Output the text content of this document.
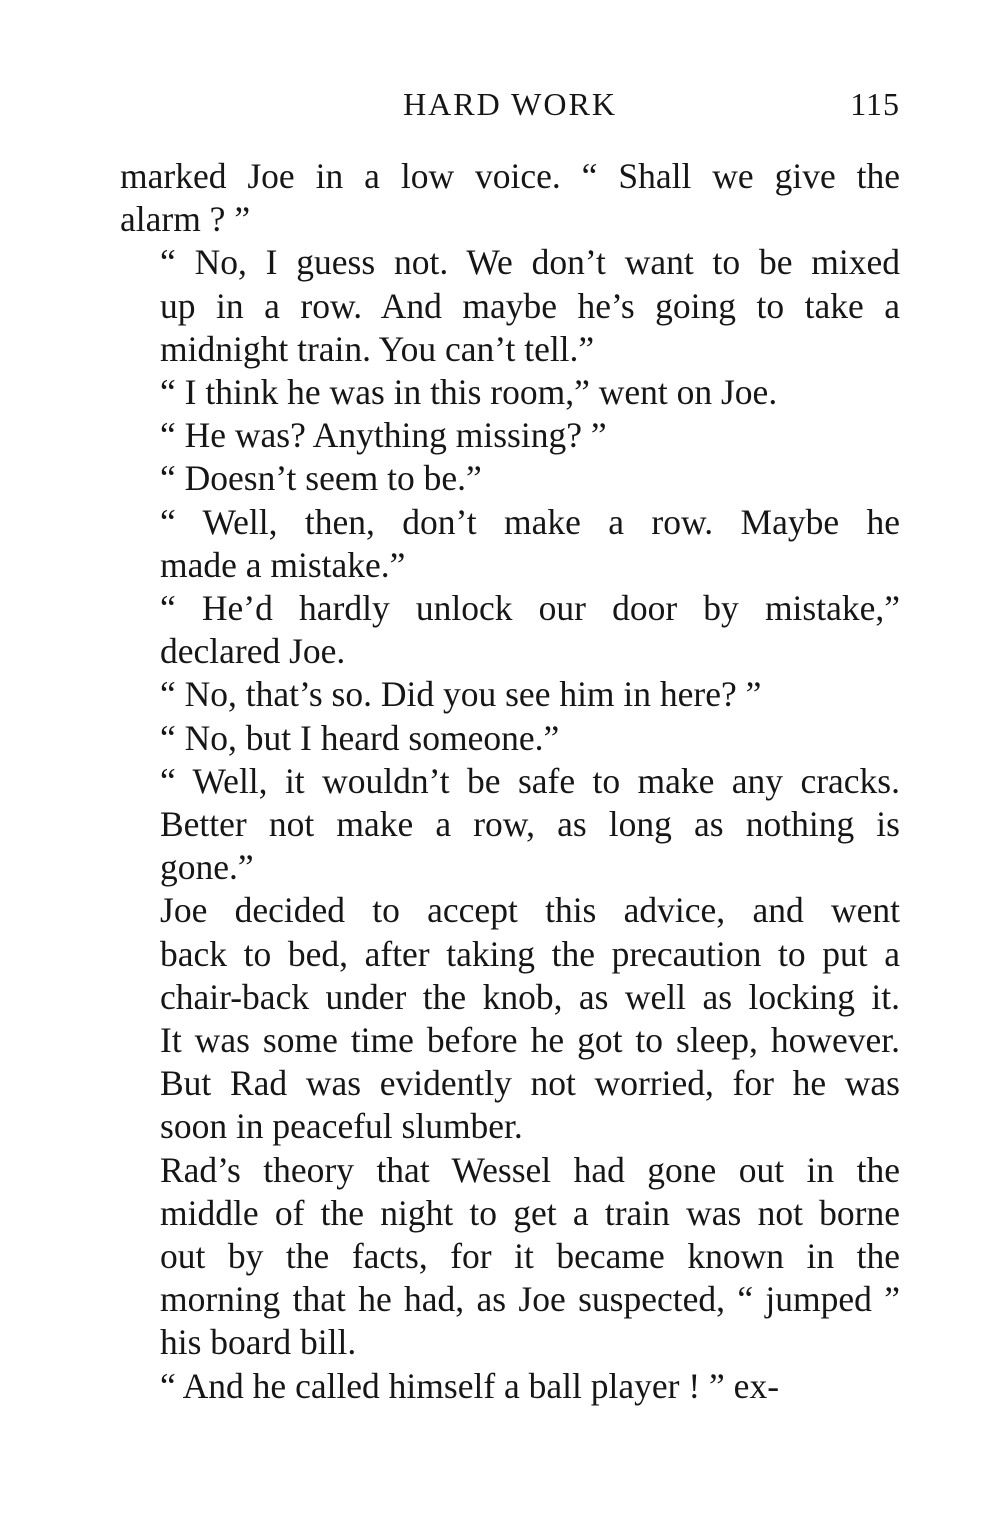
HARD WORK	115

marked Joe in a low voice. “ Shall we give the
alarm ? ”

“ No, I guess not. We don’t want to be mixed
up in a row. And maybe he’s going to take a
midnight train. You can’t tell.”

“ I think he was in this room,” went on Joe.

“ He was? Anything missing? ”

“ Doesn’t seem to be.”

“ Well, then, don’t make a row. Maybe he
made a mistake.”

“ He’d hardly unlock our door by mistake,”
declared Joe.

“ No, that’s so. Did you see him in here? ”

“ No, but I heard someone.”

“ Well, it wouldn’t be safe to make any cracks.
Better not make a row, as long as nothing is
gone.”

Joe decided to accept this advice, and went
back to bed, after taking the precaution to put a
chair-back under the knob, as well as locking it.
It was some time before he got to sleep, however.
But Rad was evidently not worried, for he was
soon in peaceful slumber.

Rad’s theory that Wessel had gone out in the
middle of the night to get a train was not borne
out by the facts, for it became known in the
morning that he had, as Joe suspected, “ jumped ”
his board bill.

“ And he called himself a ball player ! ” ex-
